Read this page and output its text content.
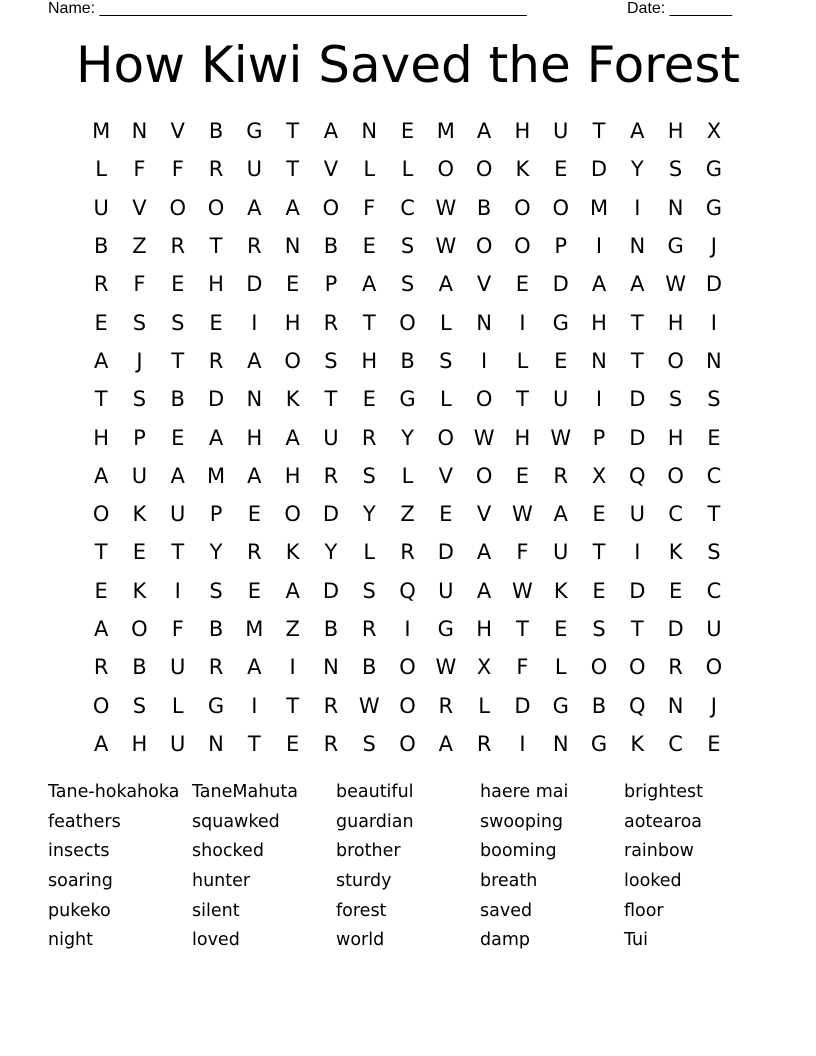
Name: ________________________________________________	Date: _______
How Kiwi Saved the Forest
M	N	V	B	G	T	A	N	E	M	A	H	U	T	A	H	X
L	F	F	R	U	T	V	L	L	O	O	K	E	D	Y	S	G
U	V	O	O	A	A	O	F	C W B	O	O M	I	N	G
B	Z	R	T	R	N	B	E	S	W O	O	P	I	N	G	J
R	F	E	H	D	E	P	A	S	A	V	E	D	A	A W D
E	S	S	E	I	H	R	T	O	L	N	I	G	H	T	H	I
A	J	T	R	A	O	S	H	B	S	I	L	E	N	T	O	N
T	S	B	D	N	K	T	E	G	L	O	T	U	I	D	S	S
H	P	E	A	H	A	U	R	Y	O W H W	P	D	H	E
A	U	A	M	A	H	R	S	L	V	O	E	R	X	Q	O	C
O	K	U	P	E	O	D	Y	Z	E	V W A	E	U	C	T
T	E	T	Y	R	K	Y	L	R	D	A	F	U	T	I	K	S
E	K	I	S	E	A	D	S	Q	U	A W	K	E	D	E	C
A	O	F	B	M	Z	B	R	I	G	H	T	E	S	T	D	U
R	B	U	R	A	I	N	B	O W X	F	L	O	O	R	O
O	S	L	G	I	T	R W O	R	L	D	G	B	Q	N	J
A	H	U	N	T	E	R	S	O	A	R	I	N	G	K	C	E
Tane-hokahoka TaneMahuta	beautiful	haere mai	brightest
feathers	squawked	guardian	swooping	aotearoa
insects	shocked	brother	booming	rainbow
soaring	hunter	sturdy	breath	looked
pukeko	silent	forest	saved	floor
night	loved	world	damp	Tui
